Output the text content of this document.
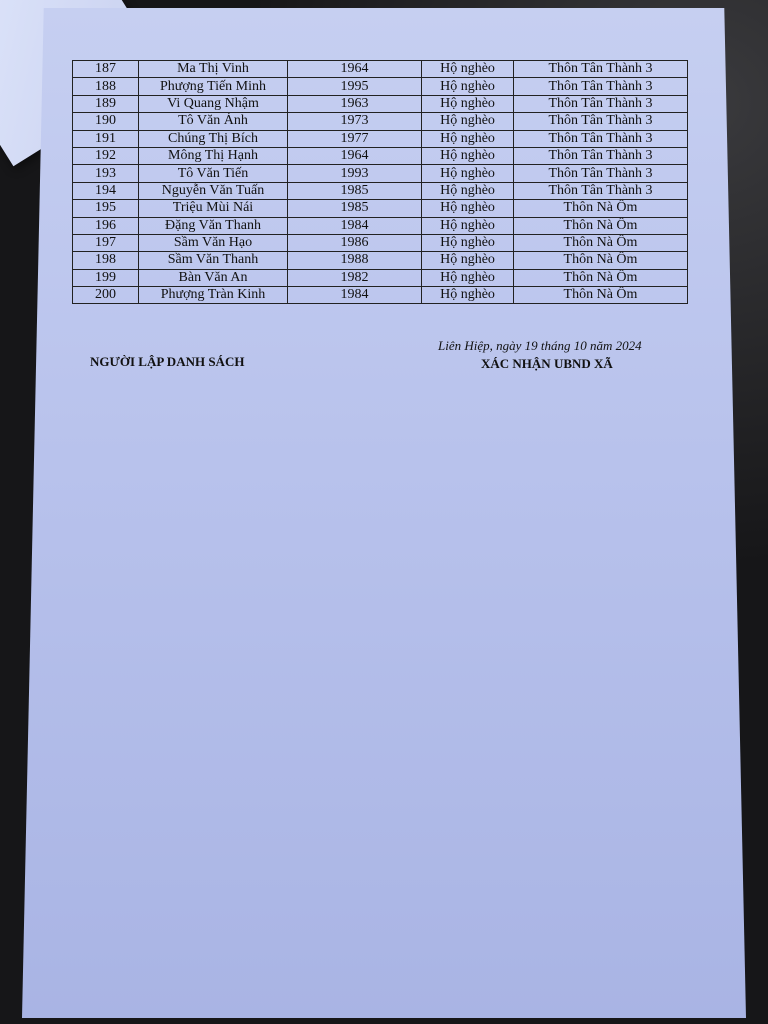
187	Ma Thị Vinh	1964	Hộ nghèo	Thôn Tân Thành 3
188	Phượng Tiến Minh	1995	Hộ nghèo	Thôn Tân Thành 3
189	Vi Quang Nhậm	1963	Hộ nghèo	Thôn Tân Thành 3
190	Tô Văn Ánh	1973	Hộ nghèo	Thôn Tân Thành 3
191	Chúng Thị Bích	1977	Hộ nghèo	Thôn Tân Thành 3
192	Mông Thị Hạnh	1964	Hộ nghèo	Thôn Tân Thành 3
193	Tô Văn Tiến	1993	Hộ nghèo	Thôn Tân Thành 3
194	Nguyễn Văn Tuấn	1985	Hộ nghèo	Thôn Tân Thành 3
195	Triệu Mùi Nái	1985	Hộ nghèo	Thôn Nà Ổm
196	Đặng Văn Thanh	1984	Hộ nghèo	Thôn Nà Ổm
197	Sầm Văn Hạo	1986	Hộ nghèo	Thôn Nà Ổm
198	Sầm Văn Thanh	1988	Hộ nghèo	Thôn Nà Ổm
199	Bàn Văn An	1982	Hộ nghèo	Thôn Nà Ổm
200	Phượng Tràn Kinh	1984	Hộ nghèo	Thôn Nà Ổm
NGƯỜI LẬP DANH SÁCH
Liên Hiệp, ngày 19 tháng 10 năm 2024
XÁC NHẬN UBND XÃ
